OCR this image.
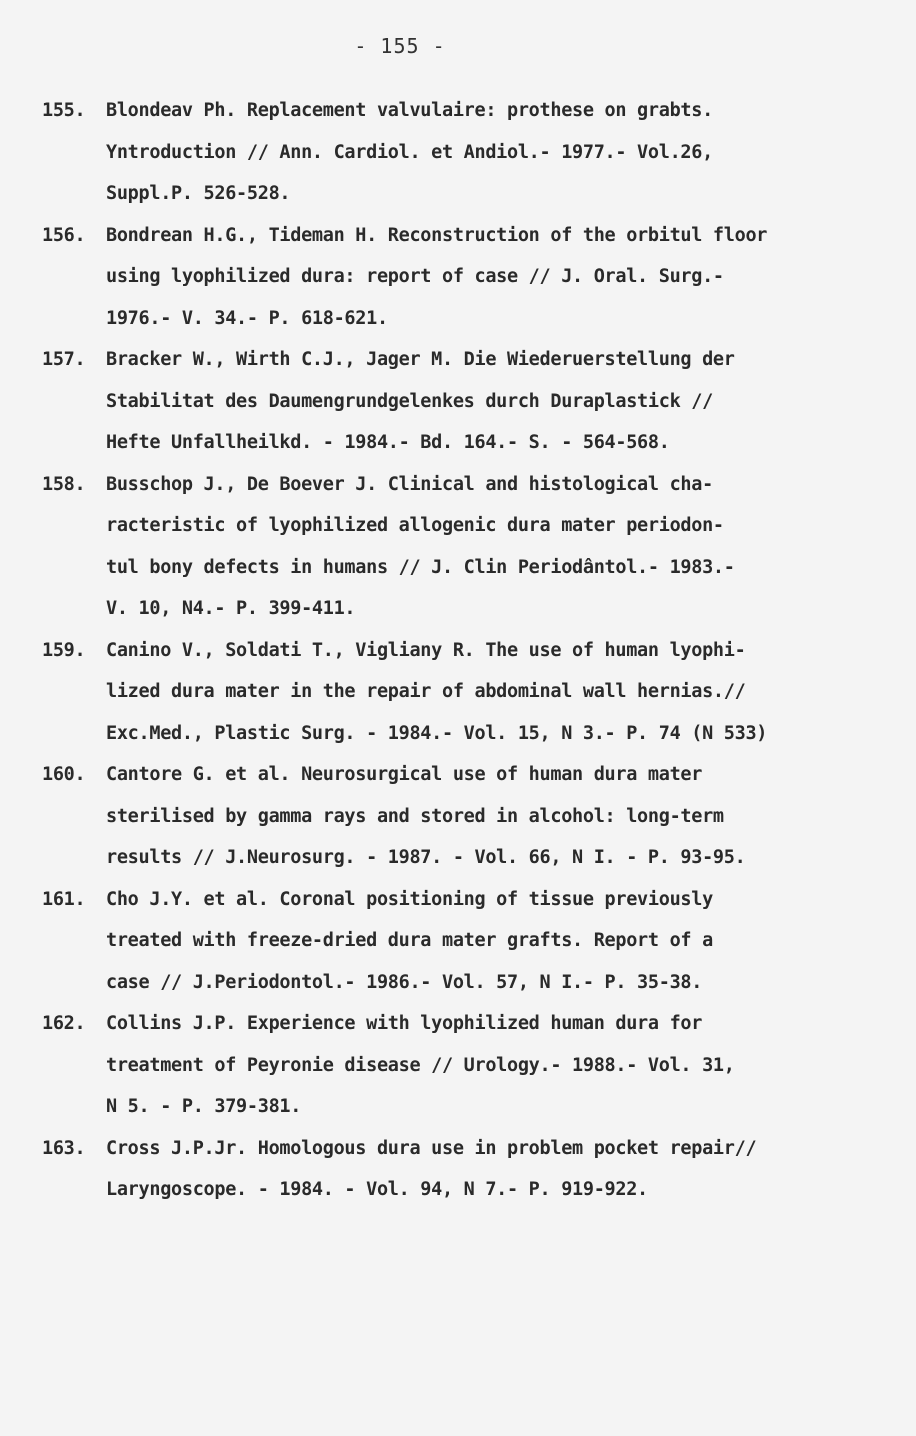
- 155 -
155. Blondeav Ph. Replacement valvulaire: prothese on grabts.
Yntroduction // Ann. Cardiol. et Andiol.- 1977.- Vol.26,
Suppl.P. 526-528.
156. Bondrean H.G., Tideman H. Reconstruction of the orbitul floor
using lyophilized dura: report of case // J. Oral. Surg.-
1976.- V. 34.- P. 618-621.
157. Bracker W., Wirth C.J., Jager M. Die Wiederuerstellung der
Stabilitat des Daumengrundgelenkes durch Duraplastick //
Hefte Unfallheilkd. - 1984.- Bd. 164.- S. - 564-568.
158. Busschop J., De Boever J. Clinical and histological cha-
racteristic of lyophilized allogenic dura mater periodon-
tul bony defects in humans // J. Clin Periodântol.- 1983.-
V. 10, N4.- P. 399-411.
159. Canino V., Soldati T., Vigliany R. The use of human lyophi-
lized dura mater in the repair of abdominal wall hernias.//
Exc.Med., Plastic Surg. - 1984.- Vol. 15, N 3.- P. 74 (N 533)
160. Cantore G. et al. Neurosurgical use of human dura mater
sterilised by gamma rays and stored in alcohol: long-term
results // J.Neurosurg. - 1987. - Vol. 66, N I. - P. 93-95.
161. Cho J.Y. et al. Coronal positioning of tissue previously
treated with freeze-dried dura mater grafts. Report of a
case // J.Periodontol.- 1986.- Vol. 57, N I.- P. 35-38.
162. Collins J.P. Experience with lyophilized human dura for
treatment of Peyronie disease // Urology.- 1988.- Vol. 31,
N 5. - P. 379-381.
163. Cross J.P.Jr. Homologous dura use in problem pocket repair//
Laryngoscope. - 1984. - Vol. 94, N 7.- P. 919-922.
